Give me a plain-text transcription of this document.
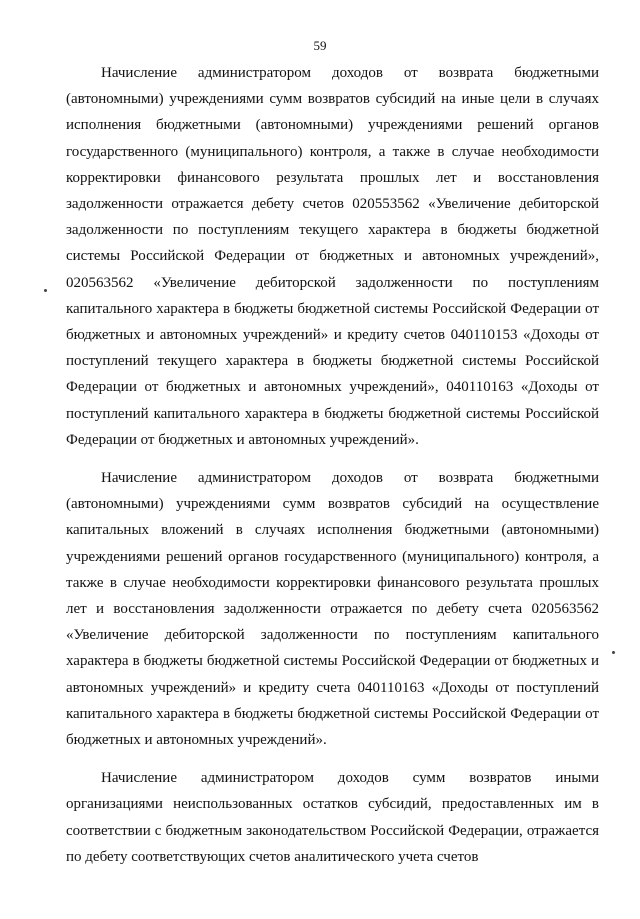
59

Начисление администратором доходов от возврата бюджетными (автономными) учреждениями сумм возвратов субсидий на иные цели в случаях исполнения бюджетными (автономными) учреждениями решений органов государственного (муниципального) контроля, а также в случае необходимости корректировки финансового результата прошлых лет и восстановления задолженности отражается дебету счетов 020553562 «Увеличение дебиторской задолженности по поступлениям текущего характера в бюджеты бюджетной системы Российской Федерации от бюджетных и автономных учреждений», 020563562 «Увеличение дебиторской задолженности по поступлениям капитального характера в бюджеты бюджетной системы Российской Федерации от бюджетных и автономных учреждений» и кредиту счетов 040110153 «Доходы от поступлений текущего характера в бюджеты бюджетной системы Российской Федерации от бюджетных и автономных учреждений», 040110163 «Доходы от поступлений капитального характера в бюджеты бюджетной системы Российской Федерации от бюджетных и автономных учреждений».

Начисление администратором доходов от возврата бюджетными (автономными) учреждениями сумм возвратов субсидий на осуществление капитальных вложений в случаях исполнения бюджетными (автономными) учреждениями решений органов государственного (муниципального) контроля, а также в случае необходимости корректировки финансового результата прошлых лет и восстановления задолженности отражается по дебету счета 020563562 «Увеличение дебиторской задолженности по поступлениям капитального характера в бюджеты бюджетной системы Российской Федерации от бюджетных и автономных учреждений» и кредиту счета 040110163 «Доходы от поступлений капитального характера в бюджеты бюджетной системы Российской Федерации от бюджетных и автономных учреждений».

Начисление администратором доходов сумм возвратов иными организациями неиспользованных остатков субсидий, предоставленных им в соответствии с бюджетным законодательством Российской Федерации, отражается по дебету соответствующих счетов аналитического учета счетов
